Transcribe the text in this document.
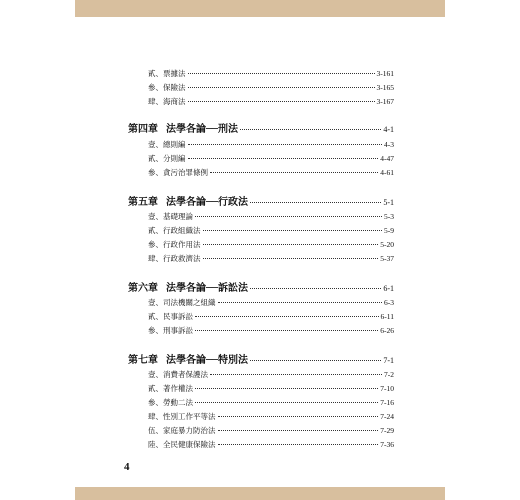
貳、票據法	3-161
參、保險法	3-165
肆、海商法	3-167
第四章 法學各論──刑法	4-1
壹、總則編	4-3
貳、分則編	4-47
參、貪污治罪條例	4-61
第五章 法學各論──行政法	5-1
壹、基礎理論	5-3
貳、行政組織法	5-9
參、行政作用法	5-20
肆、行政救濟法	5-37
第六章 法學各論──訴訟法	6-1
壹、司法機關之組織	6-3
貳、民事訴訟	6-11
參、刑事訴訟	6-26
第七章 法學各論──特別法	7-1
壹、消費者保護法	7-2
貳、著作權法	7-10
參、勞動二法	7-16
肆、性別工作平等法	7-24
伍、家庭暴力防治法	7-29
陸、全民健康保險法	7-36
4
